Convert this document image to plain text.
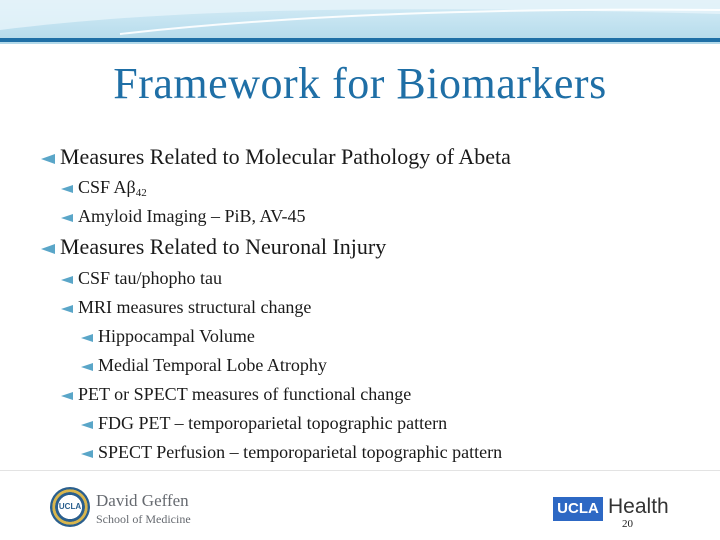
Framework for Biomarkers
Measures Related to Molecular Pathology of Abeta
CSF $A\beta_{42}$
Amyloid Imaging – PiB, AV-45
Measures Related to Neuronal Injury
CSF tau/phopho tau
MRI measures structural change
Hippocampal Volume
Medial Temporal Lobe Atrophy
PET or SPECT measures of functional change
FDG PET – temporoparietal topographic pattern
SPECT Perfusion – temporoparietal topographic pattern
UCLA David Geffen
School of Medicine
UCLA Health
20
